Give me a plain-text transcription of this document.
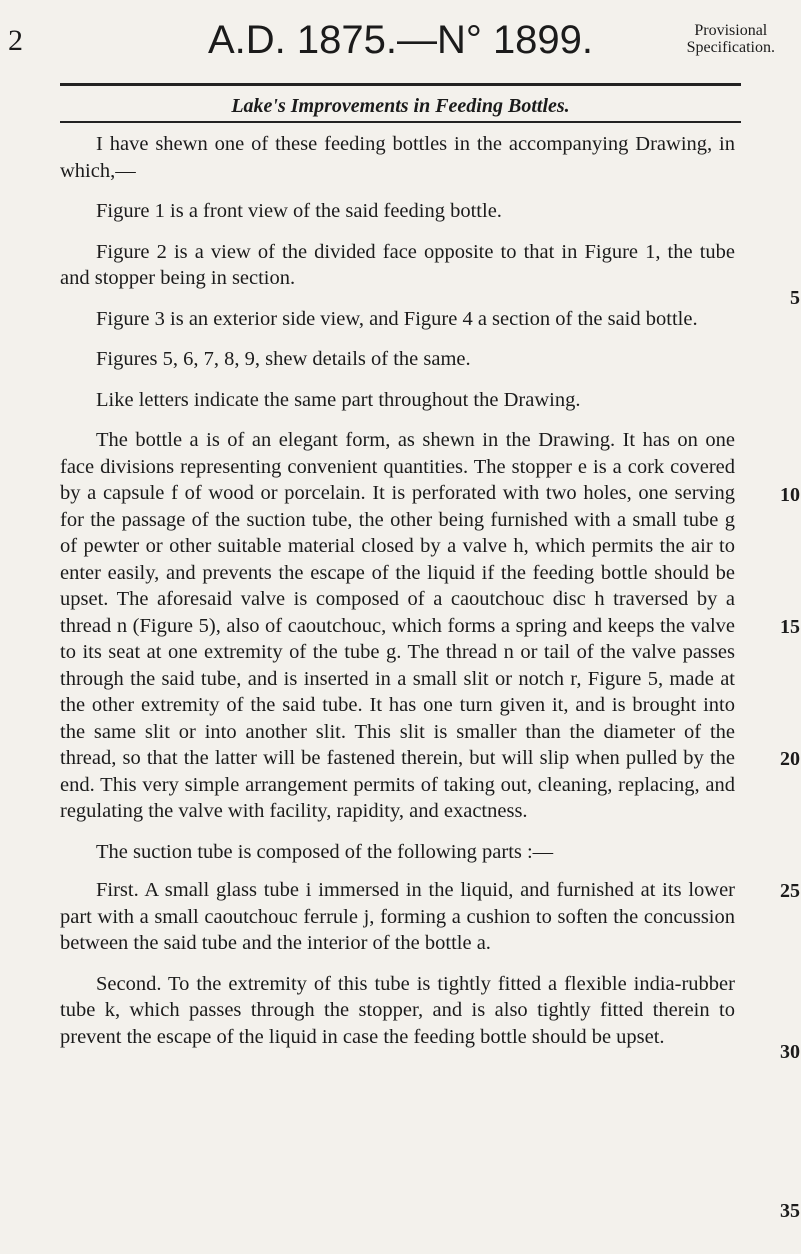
2	A.D. 1875.—N° 1899.	Provisional
Specification.
Lake's Improvements in Feeding Bottles.

I have shewn one of these feeding bottles in the accompanying Drawing, in which,—

Figure 1 is a front view of the said feeding bottle.

Figure 2 is a view of the divided face opposite to that in Figure 1, the tube and stopper being in section.

Figure 3 is an exterior side view, and Figure 4 a section of the said bottle.

Figures 5, 6, 7, 8, 9, shew details of the same.

Like letters indicate the same part throughout the Drawing.

The bottle a is of an elegant form, as shewn in the Drawing. It has on one face divisions representing convenient quantities. The stopper e is a cork covered by a capsule f of wood or porcelain. It is perforated with two holes, one serving for the passage of the suction tube, the other being furnished with a small tube g of pewter or other suitable material closed by a valve h, which permits the air to enter easily, and prevents the escape of the liquid if the feeding bottle should be upset. The aforesaid valve is composed of a caoutchouc disc h traversed by a thread n (Figure 5), also of caoutchouc, which forms a spring and keeps the valve to its seat at one extremity of the tube g. The thread n or tail of the valve passes through the said tube, and is inserted in a small slit or notch r, Figure 5, made at the other extremity of the said tube. It has one turn given it, and is brought into the same slit or into another slit. This slit is smaller than the diameter of the thread, so that the latter will be fastened therein, but will slip when pulled by the end. This very simple arrangement permits of taking out, cleaning, replacing, and regulating the valve with facility, rapidity, and exactness.

The suction tube is composed of the following parts :—

First. A small glass tube i immersed in the liquid, and furnished at its lower part with a small caoutchouc ferrule j, forming a cushion to soften the concussion between the said tube and the interior of the bottle a.

Second. To the extremity of this tube is tightly fitted a flexible india-rubber tube k, which passes through the stopper, and is also tightly fitted therein to prevent the escape of the liquid in case the feeding bottle should be upset.

5
10
15
20
25
30
35
